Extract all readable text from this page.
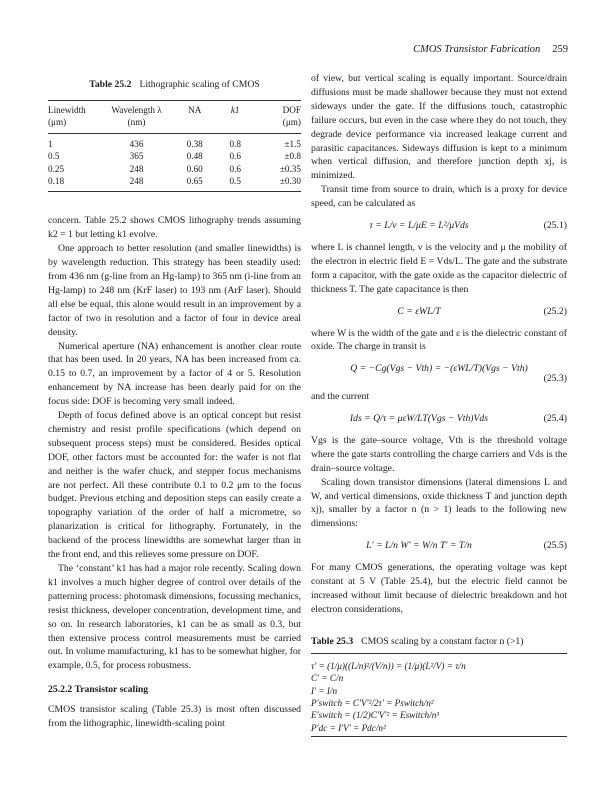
CMOS Transistor Fabrication 259
Table 25.2 Lithographic scaling of CMOS
Linewidth	Wavelength λ	NA	k1	DOF
(μm)	(nm)			(μm)
1	436	0.38	0.8	±1.5
0.5	365	0.48	0.6	±0.8
0.25	248	0.60	0.6	±0.35
0.18	248	0.65	0.5	±0.30

concern. Table 25.2 shows CMOS lithography trends assuming k2 = 1 but letting k1 evolve.

One approach to better resolution (and smaller linewidths) is by wavelength reduction. This strategy has been steadily used: from 436 nm (g-line from an Hg-lamp) to 365 nm (i-line from an Hg-lamp) to 248 nm (KrF laser) to 193 nm (ArF laser). Should all else be equal, this alone would result in an improvement by a factor of two in resolution and a factor of four in device areal density.

Numerical aperture (NA) enhancement is another clear route that has been used. In 20 years, NA has been increased from ca. 0.15 to 0.7, an improvement by a factor of 4 or 5. Resolution enhancement by NA increase has been dearly paid for on the focus side: DOF is becoming very small indeed.

Depth of focus defined above is an optical concept but resist chemistry and resist profile specifications (which depend on subsequent process steps) must be considered. Besides optical DOF, other factors must be accounted for: the wafer is not flat and neither is the wafer chuck, and stepper focus mechanisms are not perfect. All these contribute 0.1 to 0.2 μm to the focus budget. Previous etching and deposition steps can easily create a topography variation of the order of half a micrometre, so planarization is critical for lithography. Fortunately, in the backend of the process linewidths are somewhat larger than in the front end, and this relieves some pressure on DOF.

The ‘constant’ k1 has had a major role recently. Scaling down k1 involves a much higher degree of control over details of the patterning process: photomask dimensions, focussing mechanics, resist thickness, developer concentration, development time, and so on. In research laboratories, k1 can be as small as 0.3, but then extensive process control measurements must be carried out. In volume manufacturing, k1 has to be somewhat higher, for example, 0.5, for process robustness.

25.2.2 Transistor scaling

CMOS transistor scaling (Table 25.3) is most often discussed from the lithographic, linewidth-scaling point

of view, but vertical scaling is equally important. Source/drain diffusions must be made shallower because they must not extend sideways under the gate. If the diffusions touch, catastrophic failure occurs, but even in the case where they do not touch, they degrade device performance via increased leakage current and parasitic capacitances. Sideways diffusion is kept to a minimum when vertical diffusion, and therefore junction depth xj, is minimized.

Transit time from source to drain, which is a proxy for device speed, can be calculated as

τ = L/v = L/μE = L²/μVds	(25.1)

where L is channel length, v is the velocity and μ the mobility of the electron in electric field E = Vds/L. The gate and the substrate form a capacitor, with the gate oxide as the capacitor dielectric of thickness T. The gate capacitance is then

C = εWL/T	(25.2)

where W is the width of the gate and ε is the dielectric constant of oxide. The charge in transit is

Q = −Cg(Vgs − Vth) = −(εWL/T)(Vgs − Vth)
(25.3)

and the current

Ids = Q/τ = μεW/LT(Vgs − Vth)Vds	(25.4)

Vgs is the gate–source voltage, Vth is the threshold voltage where the gate starts controlling the charge carriers and Vds is the drain–source voltage.

Scaling down transistor dimensions (lateral dimensions L and W, and vertical dimensions, oxide thickness T and junction depth xj), smaller by a factor n (n > 1) leads to the following new dimensions:

L′ = L/n W′ = W/n T′ = T/n	(25.5)

For many CMOS generations, the operating voltage was kept constant at 5 V (Table 25.4), but the electric field cannot be increased without limit because of dielectric breakdown and hot electron considerations,

Table 25.3 CMOS scaling by a constant factor n (>1)
τ′ = (1/μ)((L/n)²/(V/n)) = (1/μ)(L²/V) = τ/n
C′ = C/n
I′ = I/n
P′switch = C′V′²/2τ′ = Pswitch/n²
E′switch = (1/2)C′V′² = Eswitch/n³
P′dc = I′V′ = Pdc/n²
